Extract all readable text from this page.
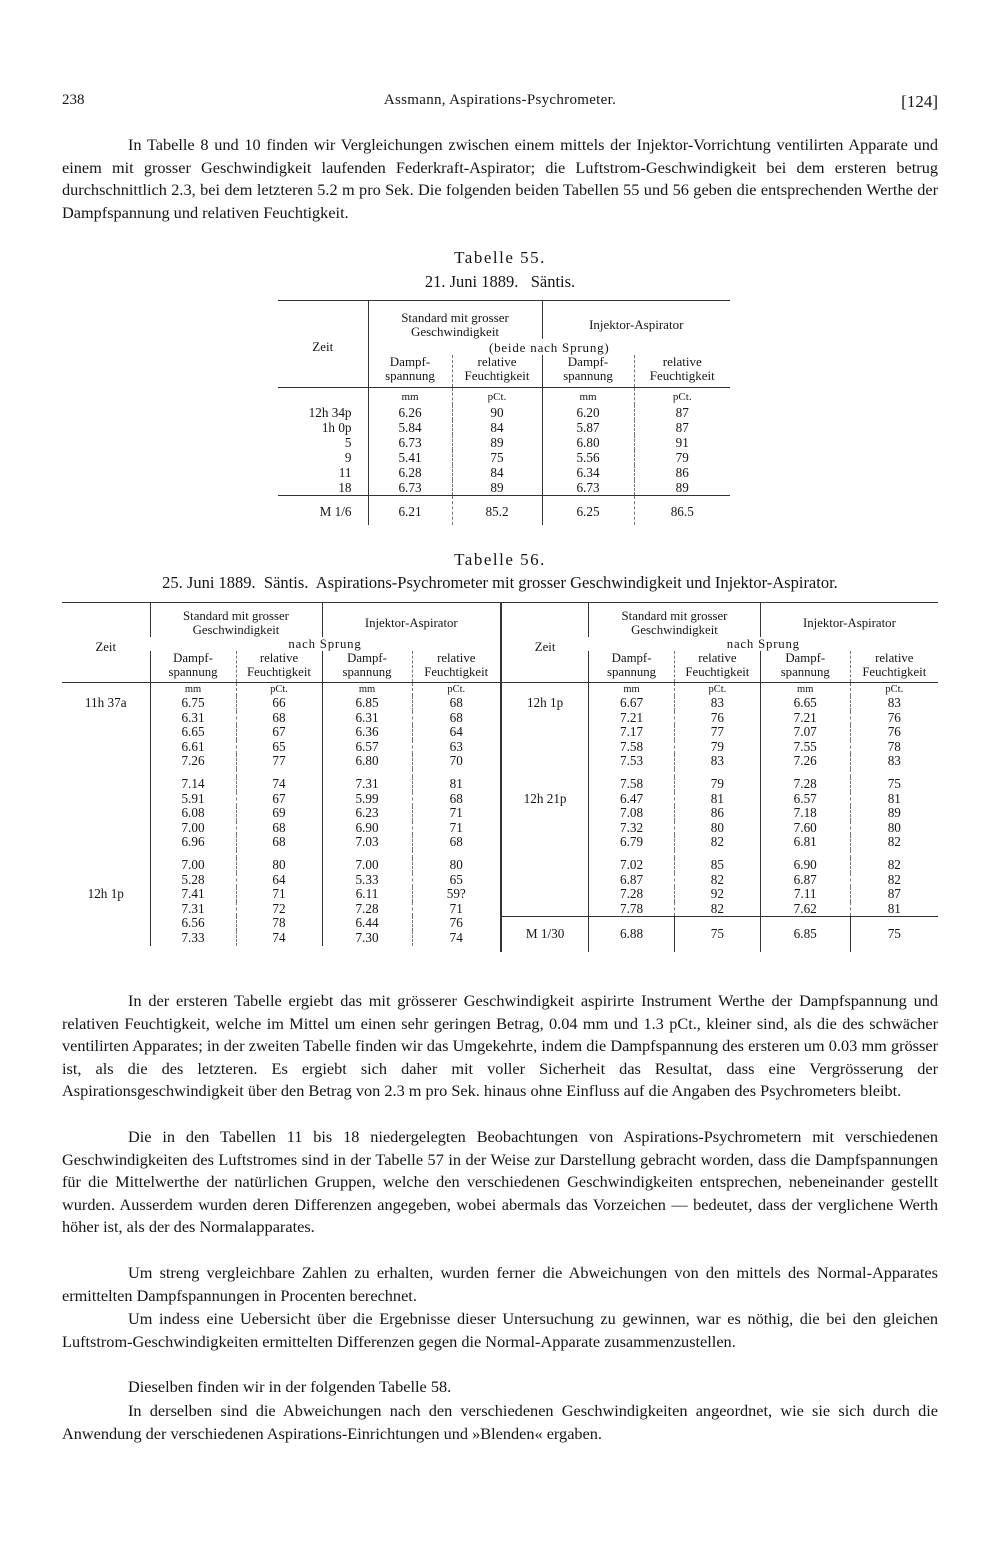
238	Assmann, Aspirations-Psychrometer.	[124]

In Tabelle 8 und 10 finden wir Vergleichungen zwischen einem mittels der Injektor-Vorrichtung ventilirten Apparate und einem mit grosser Geschwindigkeit laufenden Federkraft-Aspirator; die Luftstrom-Geschwindigkeit bei dem ersteren betrug durchschnittlich 2.3, bei dem letzteren 5.2 m pro Sek. Die folgenden beiden Tabellen 55 und 56 geben die entsprechenden Werthe der Dampfspannung und relativen Feuchtigkeit.

Tabelle 55.
21. Juni 1889.   Säntis.
Zeit	Standard mit grosser Geschwindigkeit		Injektor-Aspirator	
	(beide nach Sprung)			
	Dampf- spannung	relative Feuchtigkeit	Dampf- spannung	relative Feuchtigkeit
	mm	pCt.	mm	pCt.
12h 34p	6.26	90	6.20	87
1h 0p	5.84	84	5.87	87
5	6.73	89	6.80	91
9	5.41	75	5.56	79
11	6.28	84	6.34	86
18	6.73	89	6.73	89
M 1/6	6.21	85.2	6.25	86.5
Tabelle 56.
25. Juni 1889.  Säntis.  Aspirations-Psychrometer mit grosser Geschwindigkeit und Injektor-Aspirator.
Zeit	Standard mit grosser Geschwindigkeit		Injektor-Aspirator	
	nach Sprung			
	Dampf- spannung	relative Feuchtigkeit	Dampf- spannung	relative Feuchtigkeit
	mm	pCt.	mm	pCt.
11h 37a	6.75	66	6.85	68
	6.31	68	6.31	68
	6.65	67	6.36	64
	6.61	65	6.57	63
	7.26	77	6.80	70

	7.14	74	7.31	81
	5.91	67	5.99	68
	6.08	69	6.23	71
	7.00	68	6.90	71
	6.96	68	7.03	68

	7.00	80	7.00	80
	5.28	64	5.33	65
12h 1p	7.41	71	6.11	59?
	7.31	72	7.28	71
	6.56	78	6.44	76
	7.33	74	7.30	74
Zeit	Standard mit grosser Geschwindigkeit		Injektor-Aspirator	
	nach Sprung			
	Dampf- spannung	relative Feuchtigkeit	Dampf- spannung	relative Feuchtigkeit
	mm	pCt.	mm	pCt.
12h 1p	6.67	83	6.65	83
	7.21	76	7.21	76
	7.17	77	7.07	76
	7.58	79	7.55	78
	7.53	83	7.26	83

	7.58	79	7.28	75
12h 21p	6.47	81	6.57	81
	7.08	86	7.18	89
	7.32	80	7.60	80
	6.79	82	6.81	82

	7.02	85	6.90	82
	6.87	82	6.87	82
	7.28	92	7.11	87
	7.78	82	7.62	81
M 1/30	6.88	75	6.85	75

In der ersteren Tabelle ergiebt das mit grösserer Geschwindigkeit aspirirte Instrument Werthe der Dampfspannung und relativen Feuchtigkeit, welche im Mittel um einen sehr geringen Betrag, 0.04 mm und 1.3 pCt., kleiner sind, als die des schwächer ventilirten Apparates; in der zweiten Tabelle finden wir das Umgekehrte, indem die Dampfspannung des ersteren um 0.03 mm grösser ist, als die des letzteren. Es ergiebt sich daher mit voller Sicherheit das Resultat, dass eine Vergrösserung der Aspirationsgeschwindigkeit über den Betrag von 2.3 m pro Sek. hinaus ohne Einfluss auf die Angaben des Psychrometers bleibt.

Die in den Tabellen 11 bis 18 niedergelegten Beobachtungen von Aspirations-Psychrometern mit verschiedenen Geschwindigkeiten des Luftstromes sind in der Tabelle 57 in der Weise zur Darstellung gebracht worden, dass die Dampfspannungen für die Mittelwerthe der natürlichen Gruppen, welche den verschiedenen Geschwindigkeiten entsprechen, nebeneinander gestellt wurden. Ausserdem wurden deren Differenzen angegeben, wobei abermals das Vorzeichen — bedeutet, dass der verglichene Werth höher ist, als der des Normalapparates.

Um streng vergleichbare Zahlen zu erhalten, wurden ferner die Abweichungen von den mittels des Normal-Apparates ermittelten Dampfspannungen in Procenten berechnet.

Um indess eine Uebersicht über die Ergebnisse dieser Untersuchung zu gewinnen, war es nöthig, die bei den gleichen Luftstrom-Geschwindigkeiten ermittelten Differenzen gegen die Normal-Apparate zusammenzustellen.

Dieselben finden wir in der folgenden Tabelle 58.

In derselben sind die Abweichungen nach den verschiedenen Geschwindigkeiten angeordnet, wie sie sich durch die Anwendung der verschiedenen Aspirations-Einrichtungen und »Blenden« ergaben.
